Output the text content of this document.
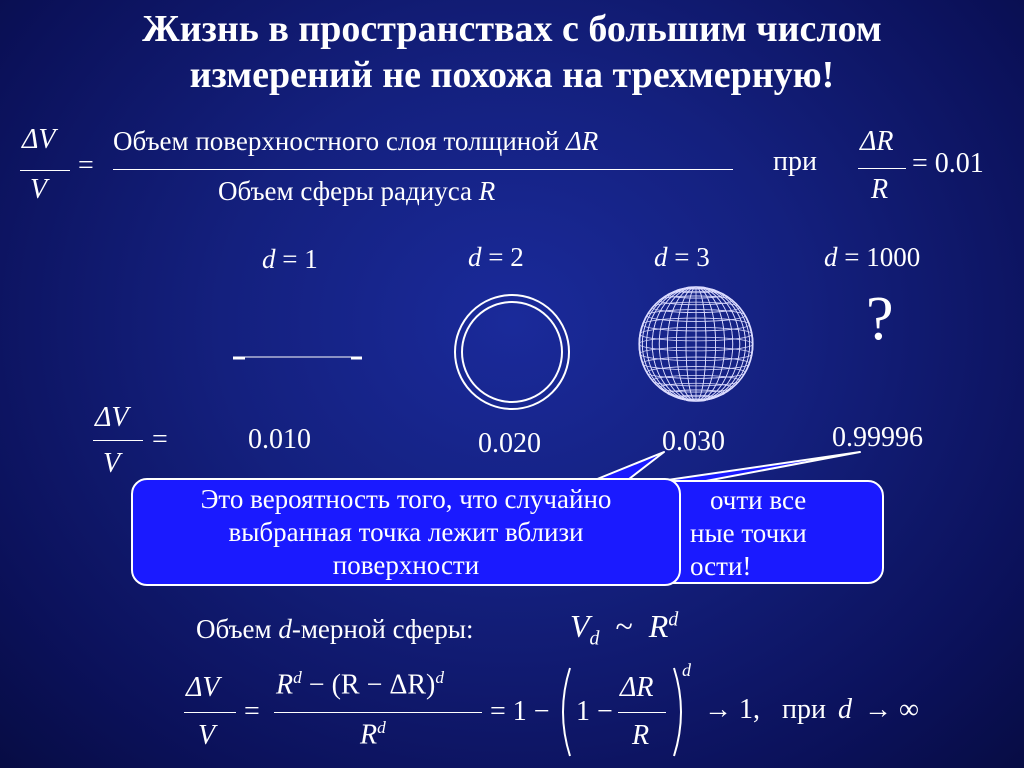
Жизнь в пространствах с большим числом
измерений не похожа на трехмерную!
ΔV
V
=
Объем поверхностного слоя толщиной ΔR
Объем сферы радиуса R
при
ΔR
R
= 0.01
d = 1	d = 2	d = 3	d = 1000
?
ΔV
V
=	0.010	0.020	0.030	0.99996
очти все
ные точки
ости!
Это вероятность того, что случайно
выбранная точка лежит вблизи
поверхности
Объем d-мерной сферы:	$V_d$ ~ $R^d$
ΔV
V
=
$R^d - (R - \Delta R)^d$
$R^d$
= 1 − 1 −
ΔR
R
d
→ 1, при d → ∞
